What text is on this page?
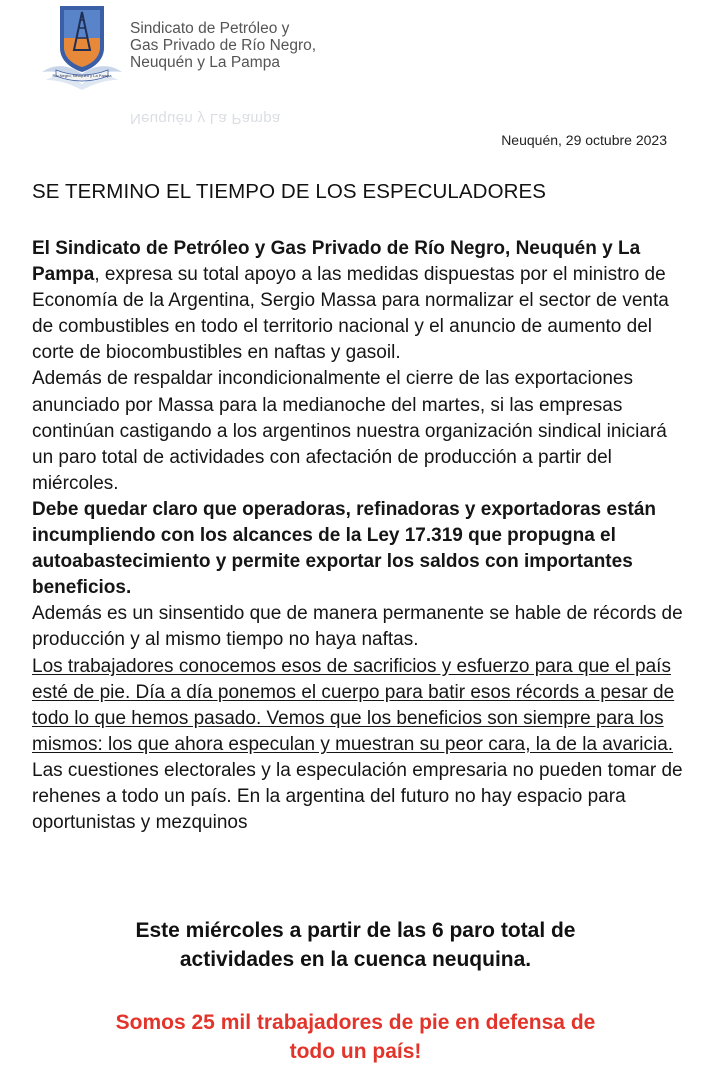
Rio Negro, Neuquén y La Pampa
Sindicato de Petróleo y
Gas Privado de Río Negro,
Neuquén y La Pampa
Neuquén y La Pampa
Neuquén, 29 octubre 2023
SE TERMINO EL TIEMPO DE LOS ESPECULADORES

El Sindicato de Petróleo y Gas Privado de Río Negro, Neuquén y La Pampa, expresa su total apoyo a las medidas dispuestas por el ministro de Economía de la Argentina, Sergio Massa para normalizar el sector de venta de combustibles en todo el territorio nacional y el anuncio de aumento del corte de biocombustibles en naftas y gasoil.

Además de respaldar incondicionalmente el cierre de las exportaciones anunciado por Massa para la medianoche del martes, si las empresas continúan castigando a los argentinos nuestra organización sindical iniciará un paro total de actividades con afectación de producción a partir del miércoles.

Debe quedar claro que operadoras, refinadoras y exportadoras están incumpliendo con los alcances de la Ley 17.319 que propugna el autoabastecimiento y permite exportar los saldos con importantes beneficios.

Además es un sinsentido que de manera permanente se hable de récords de producción y al mismo tiempo no haya naftas.

Los trabajadores conocemos esos de sacrificios y esfuerzo para que el país esté de pie. Día a día ponemos el cuerpo para batir esos récords a pesar de todo lo que hemos pasado. Vemos que los beneficios son siempre para los mismos: los que ahora especulan y muestran su peor cara, la de la avaricia.

Las cuestiones electorales y la especulación empresaria no pueden tomar de rehenes a todo un país. En la argentina del futuro no hay espacio para oportunistas y mezquinos

Este miércoles a partir de las 6 paro total de
actividades en la cuenca neuquina.
Somos 25 mil trabajadores de pie en defensa de
todo un país!
